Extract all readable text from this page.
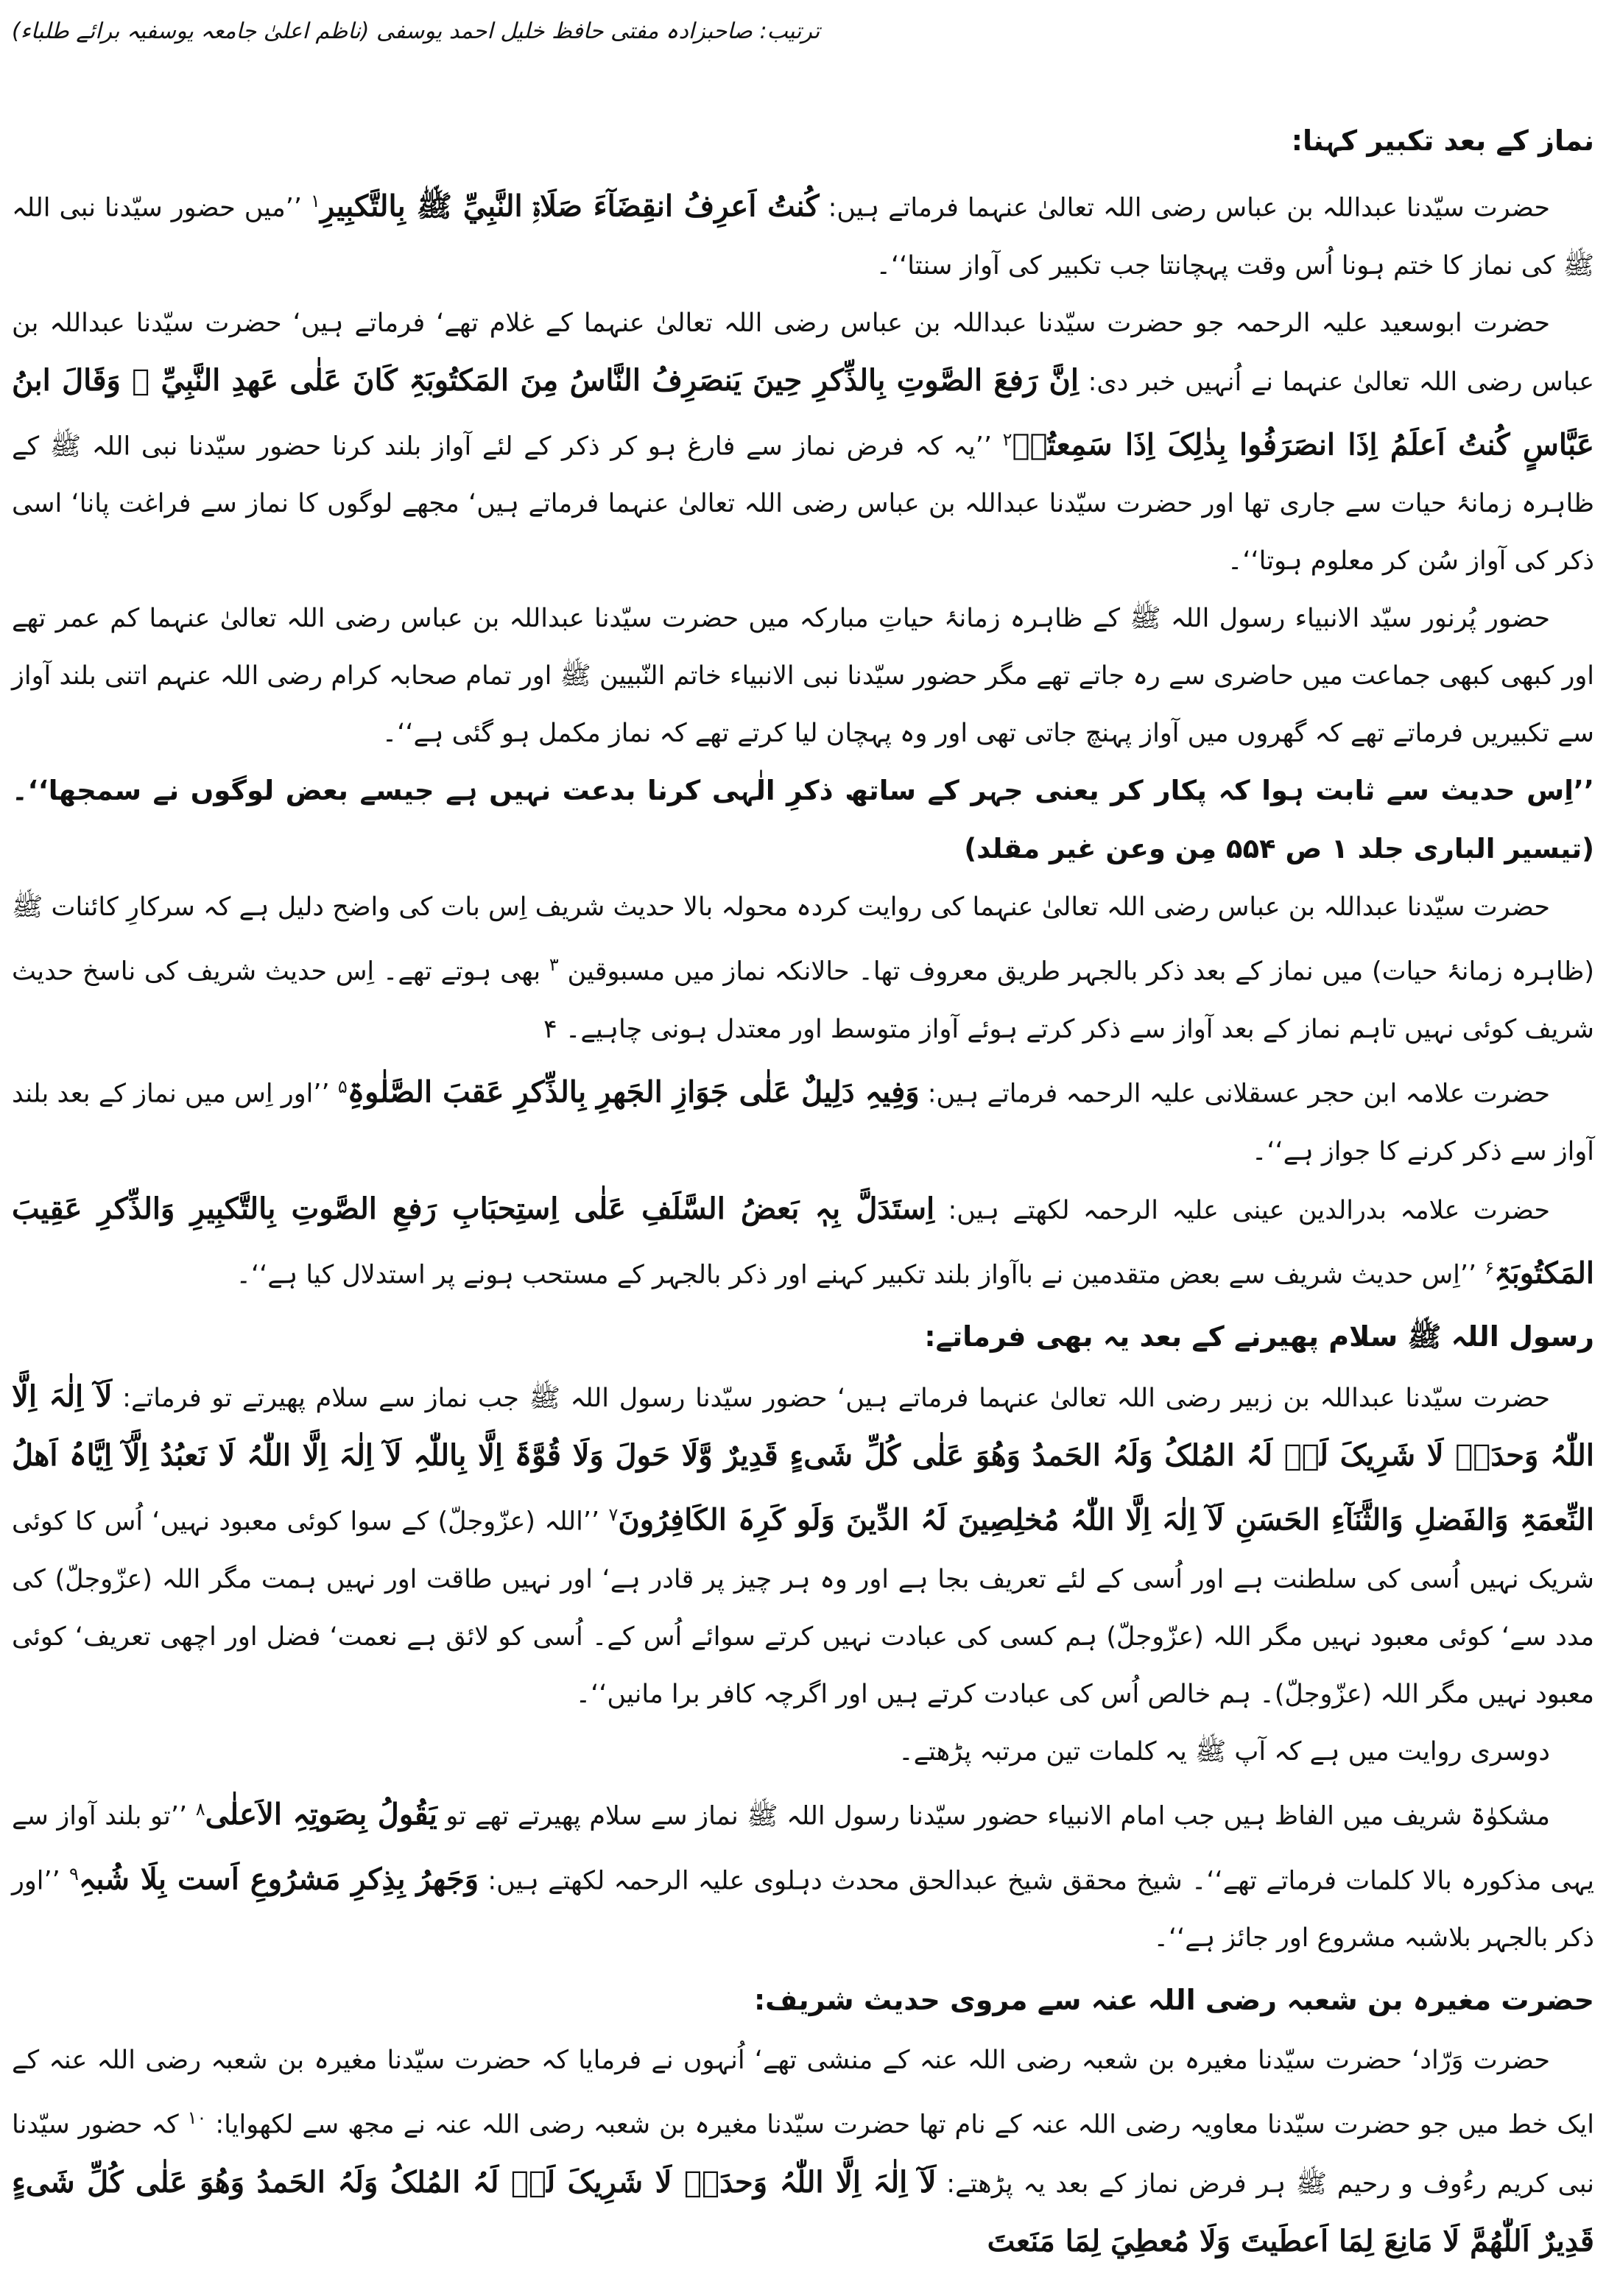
ترتیب: صاحبزادہ مفتی حافظ خلیل احمد یوسفی (ناظم اعلیٰ جامعہ یوسفیہ برائے طلباء)
نماز کے بعد تکبیر کہنا:

حضرت سیّدنا عبداللہ بن عباس رضی اللہ تعالیٰ عنہما فرماتے ہیں: کُنتُ اَعرِفُ انقِضَآءَ صَلَاۃِ النَّبِيِّ ﷺ بِالتَّکبِیرِ$^۱$ ’’میں حضور سیّدنا نبی اللہ ﷺ کی نماز کا ختم ہونا اُس وقت پہچانتا جب تکبیر کی آواز سنتا‘‘۔

حضرت ابوسعید علیہ الرحمہ جو حضرت سیّدنا عبداللہ بن عباس رضی اللہ تعالیٰ عنہما کے غلام تھے‘ فرماتے ہیں‘ حضرت سیّدنا عبداللہ بن عباس رضی اللہ تعالیٰ عنہما نے اُنہیں خبر دی: اِنَّ رَفعَ الصَّوتِ بِالذِّکرِ حِینَ یَنصَرِفُ النَّاسُ مِنَ المَکتُوبَۃِ کَانَ عَلٰی عَھدِ النَّبِيِّ ﷺ وَقَالَ ابنُ عَبَّاسٍ کُنتُ اَعلَمُ اِذَا انصَرَفُوا بِذٰلِکَ اِذَا سَمِعتُہٗ$^۲$ ’’یہ کہ فرض نماز سے فارغ ہو کر ذکر کے لئے آواز بلند کرنا حضور سیّدنا نبی اللہ ﷺ کے ظاہرہ زمانۂ حیات سے جاری تھا اور حضرت سیّدنا عبداللہ بن عباس رضی اللہ تعالیٰ عنہما فرماتے ہیں‘ مجھے لوگوں کا نماز سے فراغت پانا‘ اسی ذکر کی آواز سُن کر معلوم ہوتا‘‘۔

حضور پُرنور سیّد الانبیاء رسول اللہ ﷺ کے ظاہرہ زمانۂ حیاتِ مبارکہ میں حضرت سیّدنا عبداللہ بن عباس رضی اللہ تعالیٰ عنہما کم عمر تھے اور کبھی کبھی جماعت میں حاضری سے رہ جاتے تھے مگر حضور سیّدنا نبی الانبیاء خاتم النّبیین ﷺ اور تمام صحابہ کرام رضی اللہ عنہم اتنی بلند آواز سے تکبیریں فرماتے تھے کہ گھروں میں آواز پہنچ جاتی تھی اور وہ پہچان لیا کرتے تھے کہ نماز مکمل ہو گئی ہے‘‘۔

’’اِس حدیث سے ثابت ہوا کہ پکار کر یعنی جہر کے ساتھ ذکرِ الٰہی کرنا بدعت نہیں ہے جیسے بعض لوگوں نے سمجھا‘‘۔ (تیسیر الباری جلد ۱ ص ۵۵۴ مِن وعن غیر مقلد)

حضرت سیّدنا عبداللہ بن عباس رضی اللہ تعالیٰ عنہما کی روایت کردہ محولہ بالا حدیث شریف اِس بات کی واضح دلیل ہے کہ سرکارِ کائنات ﷺ (ظاہرہ زمانۂ حیات) میں نماز کے بعد ذکر بالجہر طریق معروف تھا۔ حالانکہ نماز میں مسبوقین $^۳$ بھی ہوتے تھے۔ اِس حدیث شریف کی ناسخ حدیث شریف کوئی نہیں تاہم نماز کے بعد آواز سے ذکر کرتے ہوئے آواز متوسط اور معتدل ہونی چاہیے۔ ۴

حضرت علامہ ابن حجر عسقلانی علیہ الرحمہ فرماتے ہیں: وَفِیہِ دَلِیلٌ عَلٰی جَوَازِ الجَھرِ بِالذِّکرِ عَقبَ الصَّلٰوۃِ$^۵$ ’’اور اِس میں نماز کے بعد بلند آواز سے ذکر کرنے کا جواز ہے‘‘۔

حضرت علامہ بدرالدین عینی علیہ الرحمہ لکھتے ہیں: اِستَدَلَّ بِہٖ بَعضُ السَّلَفِ عَلٰی اِستِحبَابِ رَفعِ الصَّوتِ بِالتَّکبِیرِ وَالذِّکرِ عَقِیبَ المَکتُوبَۃِ$^۶$ ’’اِس حدیث شریف سے بعض متقدمین نے باآواز بلند تکبیر کہنے اور ذکر بالجہر کے مستحب ہونے پر استدلال کیا ہے‘‘۔

رسول اللہ ﷺ سلام پھیرنے کے بعد یہ بھی فرماتے:

حضرت سیّدنا عبداللہ بن زبیر رضی اللہ تعالیٰ عنہما فرماتے ہیں‘ حضور سیّدنا رسول اللہ ﷺ جب نماز سے سلام پھیرتے تو فرماتے: لَآ اِلٰہَ اِلَّا اللّٰہُ وَحدَہٗ لَا شَرِیکَ لَہٗ لَہُ المُلکُ وَلَہُ الحَمدُ وَھُوَ عَلٰی کُلِّ شَیءٍ قَدِیرٌ وَّلَا حَولَ وَلَا قُوَّۃَ اِلَّا بِاللّٰہِ لَآ اِلٰہَ اِلَّا اللّٰہُ لَا نَعبُدُ اِلَّآ اِیَّاہُ اَھلُ النِّعمَۃِ وَالفَضلِ وَالثَّنَآءِ الحَسَنِ لَآ اِلٰہَ اِلَّا اللّٰہُ مُخلِصِینَ لَہُ الدِّینَ وَلَو کَرِہَ الکَافِرُونَ$^۷$ ’’اللہ (عزّوجلّ) کے سوا کوئی معبود نہیں‘ اُس کا کوئی شریک نہیں اُسی کی سلطنت ہے اور اُسی کے لئے تعریف بجا ہے اور وہ ہر چیز پر قادر ہے‘ اور نہیں طاقت اور نہیں ہمت مگر اللہ (عزّوجلّ) کی مدد سے‘ کوئی معبود نہیں مگر اللہ (عزّوجلّ) ہم کسی کی عبادت نہیں کرتے سوائے اُس کے۔ اُسی کو لائق ہے نعمت‘ فضل اور اچھی تعریف‘ کوئی معبود نہیں مگر اللہ (عزّوجلّ)۔ ہم خالص اُس کی عبادت کرتے ہیں اور اگرچہ کافر برا مانیں‘‘۔

دوسری روایت میں ہے کہ آپ ﷺ یہ کلمات تین مرتبہ پڑھتے۔

مشکوٰۃ شریف میں الفاظ ہیں جب امام الانبیاء حضور سیّدنا رسول اللہ ﷺ نماز سے سلام پھیرتے تھے تو یَقُولُ بِصَوتِہِ الاَعلٰی$^۸$ ’’تو بلند آواز سے یہی مذکورہ بالا کلمات فرماتے تھے‘‘۔ شیخ محقق شیخ عبدالحق محدث دہلوی علیہ الرحمہ لکھتے ہیں: وَجَھرُ بِذِکرِ مَشرُوعِ اَست بِلَا شُبہِ$^۹$ ’’اور ذکر بالجہر بلاشبہ مشروع اور جائز ہے‘‘۔

حضرت مغیرہ بن شعبہ رضی اللہ عنہ سے مروی حدیث شریف:

حضرت وَرّاد‘ حضرت سیّدنا مغیرہ بن شعبہ رضی اللہ عنہ کے منشی تھے‘ اُنہوں نے فرمایا کہ حضرت سیّدنا مغیرہ بن شعبہ رضی اللہ عنہ کے ایک خط میں جو حضرت سیّدنا معاویہ رضی اللہ عنہ کے نام تھا حضرت سیّدنا مغیرہ بن شعبہ رضی اللہ عنہ نے مجھ سے لکھوایا: $^{۱۰}$ کہ حضور سیّدنا نبی کریم رءُوف و رحیم ﷺ ہر فرض نماز کے بعد یہ پڑھتے: لَآ اِلٰہَ اِلَّا اللّٰہُ وَحدَہٗ لَا شَرِیکَ لَہٗ لَہُ المُلکُ وَلَہُ الحَمدُ وَھُوَ عَلٰی کُلِّ شَیءٍ قَدِیرٌ اَللّٰھُمَّ لَا مَانِعَ لِمَا اَعطَیتَ وَلَا مُعطِيَ لِمَا مَنَعتَ
